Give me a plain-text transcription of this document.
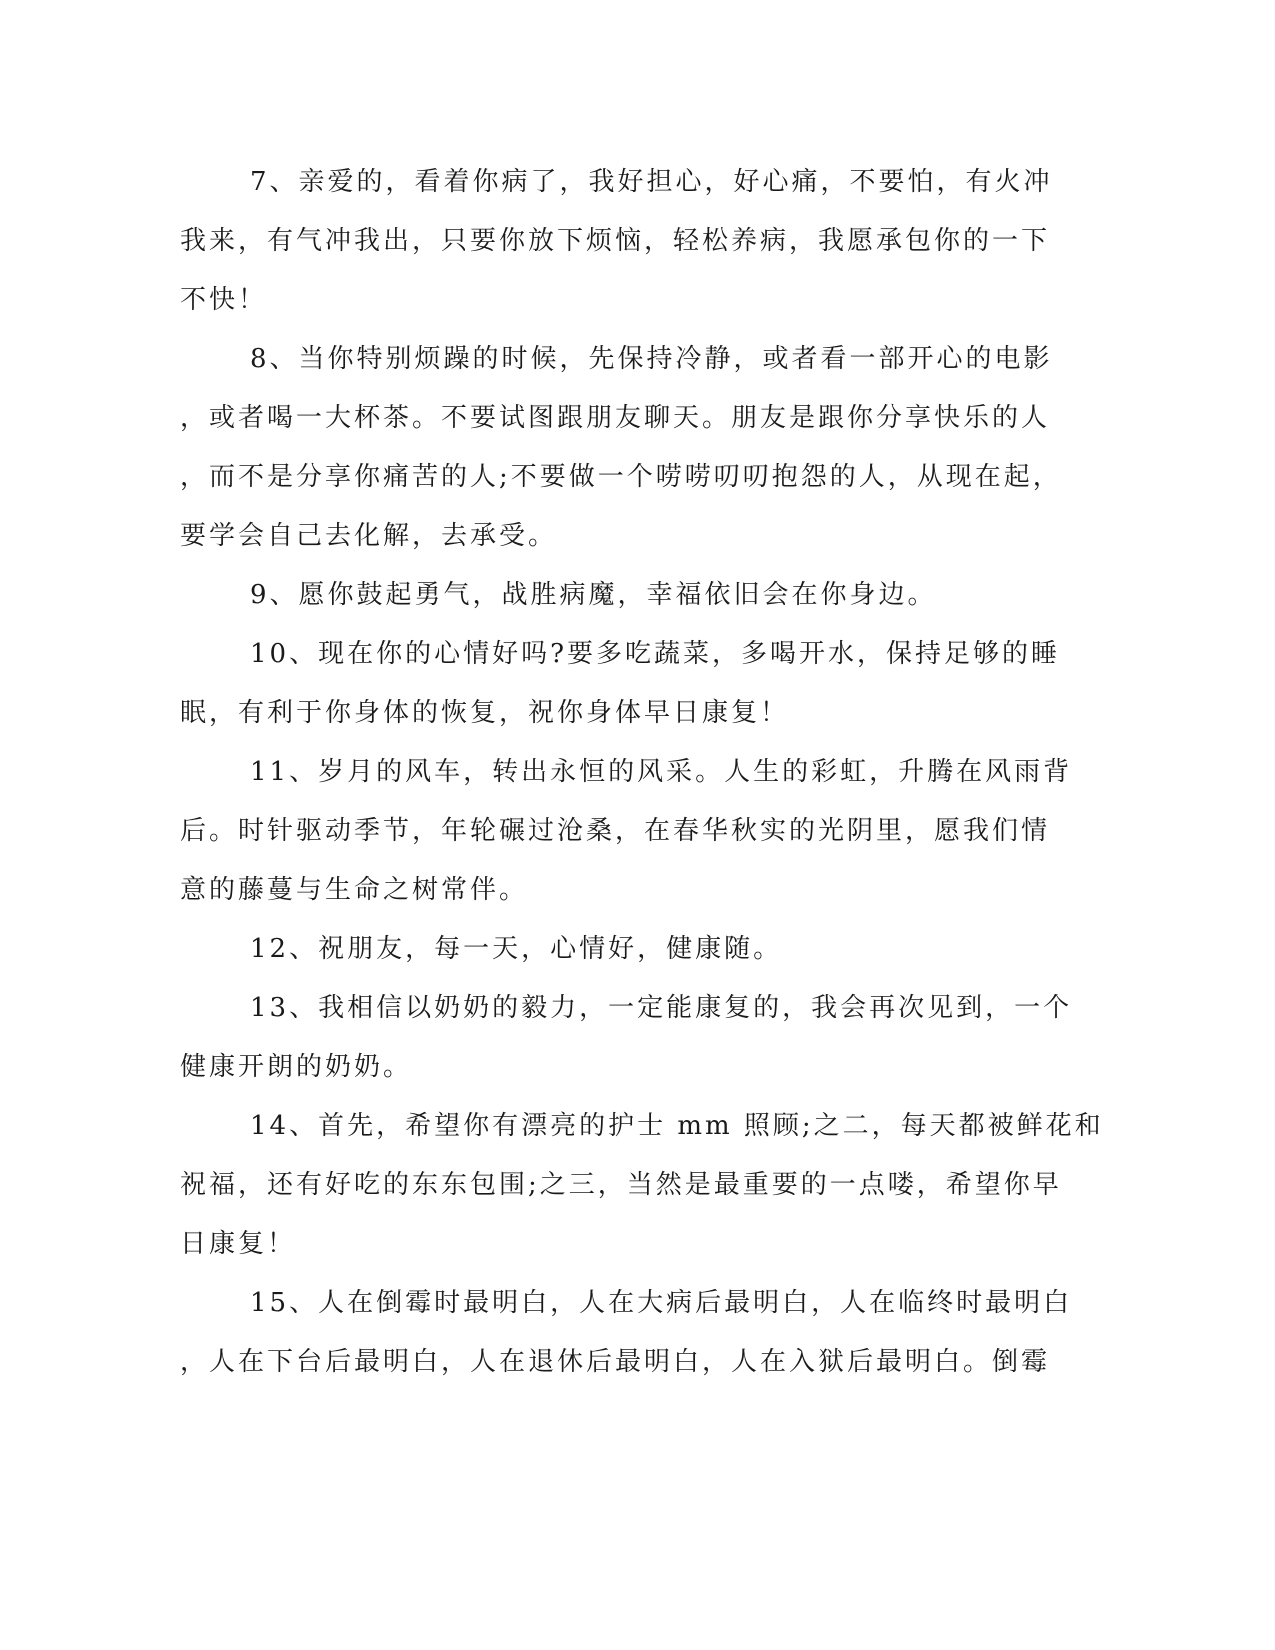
7、亲爱的，看着你病了，我好担心，好心痛，不要怕，有火冲
我来，有气冲我出，只要你放下烦恼，轻松养病，我愿承包你的一下
不快！
8、当你特别烦躁的时候，先保持冷静，或者看一部开心的电影
，或者喝一大杯茶。不要试图跟朋友聊天。朋友是跟你分享快乐的人
，而不是分享你痛苦的人;不要做一个唠唠叨叨抱怨的人，从现在起，
要学会自己去化解，去承受。
9、愿你鼓起勇气，战胜病魔，幸福依旧会在你身边。
10、现在你的心情好吗?要多吃蔬菜，多喝开水，保持足够的睡
眠，有利于你身体的恢复，祝你身体早日康复！
11、岁月的风车，转出永恒的风采。人生的彩虹，升腾在风雨背
后。时针驱动季节，年轮碾过沧桑，在春华秋实的光阴里，愿我们情
意的藤蔓与生命之树常伴。
12、祝朋友，每一天，心情好，健康随。
13、我相信以奶奶的毅力，一定能康复的，我会再次见到，一个
健康开朗的奶奶。
14、首先，希望你有漂亮的护士 mm 照顾;之二，每天都被鲜花和
祝福，还有好吃的东东包围;之三，当然是最重要的一点喽，希望你早
日康复！
15、人在倒霉时最明白，人在大病后最明白，人在临终时最明白
，人在下台后最明白，人在退休后最明白，人在入狱后最明白。倒霉
